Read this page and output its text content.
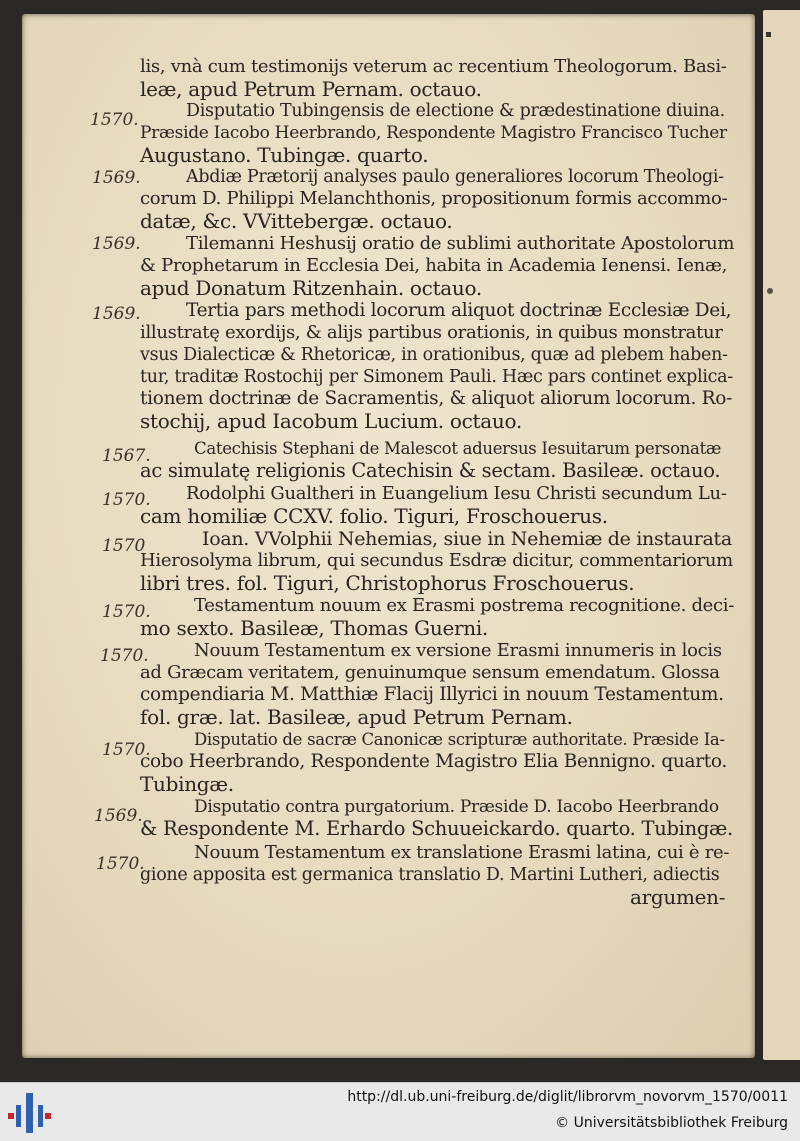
lis, vnà cum testimonijs veterum ac recentium Theologorum. Basi-
leæ, apud Petrum Pernam. octauo.
1570.	Disputatio Tubingensis de electione & prædestinatione diuina.
Præside Iacobo Heerbrando, Respondente Magistro Francisco Tucher
Augustano. Tubingæ. quarto.
1569.	Abdiæ Prætorij analyses paulo generaliores locorum Theologi-
corum D. Philippi Melanchthonis, propositionum formis accommo-
datæ, &c. VVittebergæ. octauo.
1569.	Tilemanni Heshusij oratio de sublimi authoritate Apostolorum
& Prophetarum in Ecclesia Dei, habita in Academia Ienensi. Ienæ,
apud Donatum Ritzenhain. octauo.
1569. Tertia pars methodi locorum aliquot doctrinæ Ecclesiæ Dei,
illustratę exordijs, & alijs partibus orationis, in quibus monstratur
vsus Dialecticæ & Rhetoricæ, in orationibus, quæ ad plebem haben-
tur, traditæ Rostochij per Simonem Pauli. Hæc pars continet explica-
tionem doctrinæ de Sacramentis, & aliquot aliorum locorum. Ro-
stochij, apud Iacobum Lucium. octauo.
1567.	Catechisis Stephani de Malescot aduersus Iesuitarum personatæ
ac simulatę religionis Catechisin & sectam. Basileæ. octauo.
1570. Rodolphi Gualtheri in Euangelium Iesu Christi secundum Lu-
cam homiliæ CCXV. folio. Tiguri, Froschouerus.
1570	Ioan. VVolphii Nehemias, siue in Nehemiæ de instaurata
Hierosolyma librum, qui secundus Esdræ dicitur, commentariorum
libri tres. fol. Tiguri, Christophorus Froschouerus.
1570. Testamentum nouum ex Erasmi postrema recognitione. deci-
mo sexto. Basileæ, Thomas Guerni.
1570.	Nouum Testamentum ex versione Erasmi innumeris in locis
ad Græcam veritatem, genuinumque sensum emendatum. Glossa
compendiaria M. Matthiæ Flacij Illyrici in nouum Testamentum.
fol. græ. lat. Basileæ, apud Petrum Pernam.
1570.
Disputatio de sacræ Canonicæ scripturæ authoritate. Præside Ia-
cobo Heerbrando, Respondente Magistro Elia Bennigno. quarto.
Tubingæ.
1569.	Disputatio contra purgatorium. Præside D. Iacobo Heerbrando
& Respondente M. Erhardo Schuueickardo. quarto. Tubingæ.
1570.
Nouum Testamentum ex translatione Erasmi latina, cui è re-
gione apposita est germanica translatio D. Martini Lutheri, adiectis
argumen-
http://dl.ub.uni-freiburg.de/diglit/librorvm_novorvm_1570/0011
© Universitätsbibliothek Freiburg
